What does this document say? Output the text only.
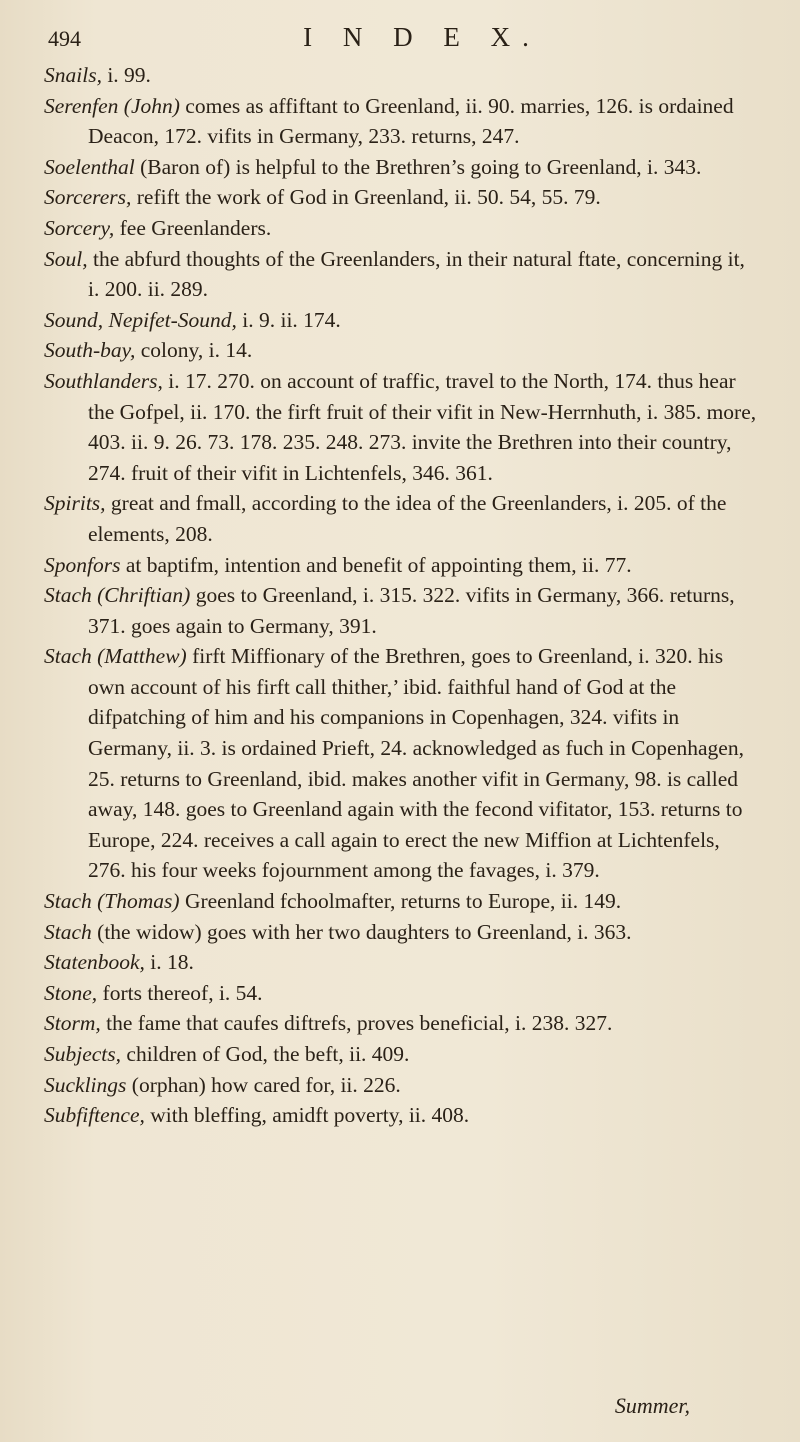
494	I N D E X.

Snails, i. 99.

Serenfen (John) comes as affiftant to Greenland, ii. 90. marries, 126. is ordained Deacon, 172. vifits in Germany, 233. returns, 247.

Soelenthal (Baron of) is helpful to the Brethren’s going to Greenland, i. 343.

Sorcerers, refift the work of God in Greenland, ii. 50. 54, 55. 79.

Sorcery, fee Greenlanders.

Soul, the abfurd thoughts of the Greenlanders, in their natural ftate, concerning it, i. 200. ii. 289.

Sound, Nepifet-Sound, i. 9. ii. 174.

South-bay, colony, i. 14.

Southlanders, i. 17. 270. on account of traffic, travel to the North, 174. thus hear the Gofpel, ii. 170. the firft fruit of their vifit in New-Herrnhuth, i. 385. more, 403. ii. 9. 26. 73. 178. 235. 248. 273. invite the Brethren into their country, 274. fruit of their vifit in Lichtenfels, 346. 361.

Spirits, great and fmall, according to the idea of the Greenlanders, i. 205. of the elements, 208.

Sponfors at baptifm, intention and benefit of appointing them, ii. 77.

Stach (Chriftian) goes to Greenland, i. 315. 322. vifits in Germany, 366. returns, 371. goes again to Germany, 391.

Stach (Matthew) firft Miffionary of the Brethren, goes to Greenland, i. 320. his own account of his firft call thither,’ ibid. faithful hand of God at the difpatching of him and his companions in Copenhagen, 324. vifits in Germany, ii. 3. is ordained Prieft, 24. acknowledged as fuch in Copenhagen, 25. returns to Greenland, ibid. makes another vifit in Germany, 98. is called away, 148. goes to Greenland again with the fecond vifitator, 153. returns to Europe, 224. receives a call again to erect the new Miffion at Lichtenfels, 276. his four weeks fojournment among the favages, i. 379.

Stach (Thomas) Greenland fchoolmafter, returns to Europe, ii. 149.

Stach (the widow) goes with her two daughters to Greenland, i. 363.

Statenbook, i. 18.

Stone, forts thereof, i. 54.

Storm, the fame that caufes diftrefs, proves beneficial, i. 238. 327.

Subjects, children of God, the beft, ii. 409.

Sucklings (orphan) how cared for, ii. 226.

Subfiftence, with bleffing, amidft poverty, ii. 408.

Summer,
